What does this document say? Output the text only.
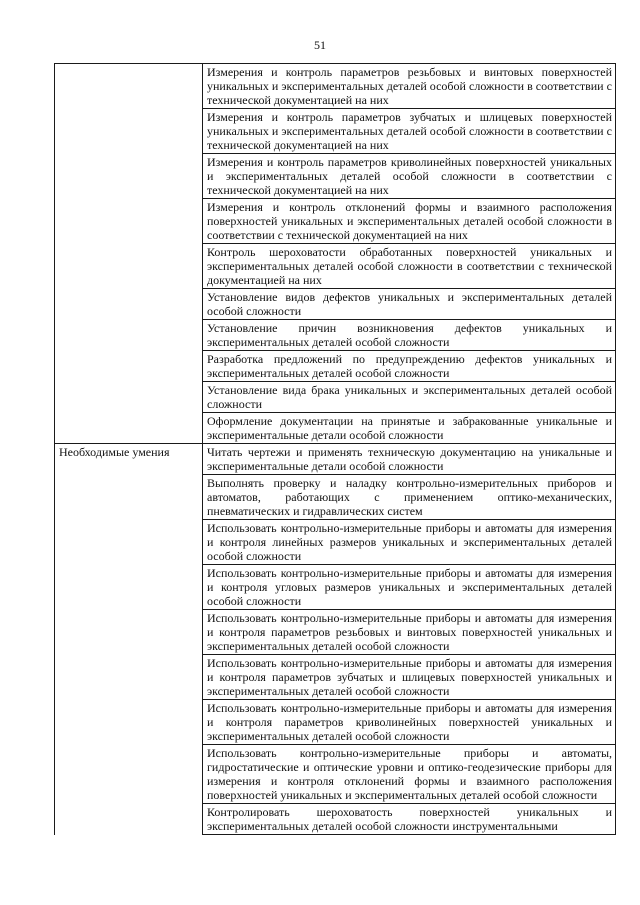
51
	Измерения и контроль параметров резьбовых и винтовых поверхностей уникальных и экспериментальных деталей особой сложности в соответствии с технической документацией на них
	Измерения и контроль параметров зубчатых и шлицевых поверхностей уникальных и экспериментальных деталей особой сложности в соответствии с технической документацией на них
	Измерения и контроль параметров криволинейных поверхностей уникальных и экспериментальных деталей особой сложности в соответствии с технической документацией на них
	Измерения и контроль отклонений формы и взаимного расположения поверхностей уникальных и экспериментальных деталей особой сложности в соответствии с технической документацией на них
	Контроль шероховатости обработанных поверхностей уникальных и экспериментальных деталей особой сложности в соответствии с технической документацией на них
	Установление видов дефектов уникальных и экспериментальных деталей особой сложности
	Установление причин возникновения дефектов уникальных и экспериментальных деталей особой сложности
	Разработка предложений по предупреждению дефектов уникальных и экспериментальных деталей особой сложности
	Установление вида брака уникальных и экспериментальных деталей особой сложности
	Оформление документации на принятые и забракованные уникальные и экспериментальные детали особой сложности

Необходимые умения	Читать чертежи и применять техническую документацию на уникальные и экспериментальные детали особой сложности
	Выполнять проверку и наладку контрольно-измерительных приборов и автоматов, работающих с применением оптико-механических, пневматических и гидравлических систем
	Использовать контрольно-измерительные приборы и автоматы для измерения и контроля линейных размеров уникальных и экспериментальных деталей особой сложности
	Использовать контрольно-измерительные приборы и автоматы для измерения и контроля угловых размеров уникальных и экспериментальных деталей особой сложности
	Использовать контрольно-измерительные приборы и автоматы для измерения и контроля параметров резьбовых и винтовых поверхностей уникальных и экспериментальных деталей особой сложности
	Использовать контрольно-измерительные приборы и автоматы для измерения и контроля параметров зубчатых и шлицевых поверхностей уникальных и экспериментальных деталей особой сложности
	Использовать контрольно-измерительные приборы и автоматы для измерения и контроля параметров криволинейных поверхностей уникальных и экспериментальных деталей особой сложности
	Использовать контрольно-измерительные приборы и автоматы, гидростатические и оптические уровни и оптико-геодезические приборы для измерения и контроля отклонений формы и взаимного расположения поверхностей уникальных и экспериментальных деталей особой сложности
	Контролировать шероховатость поверхностей уникальных и экспериментальных деталей особой сложности инструментальными
